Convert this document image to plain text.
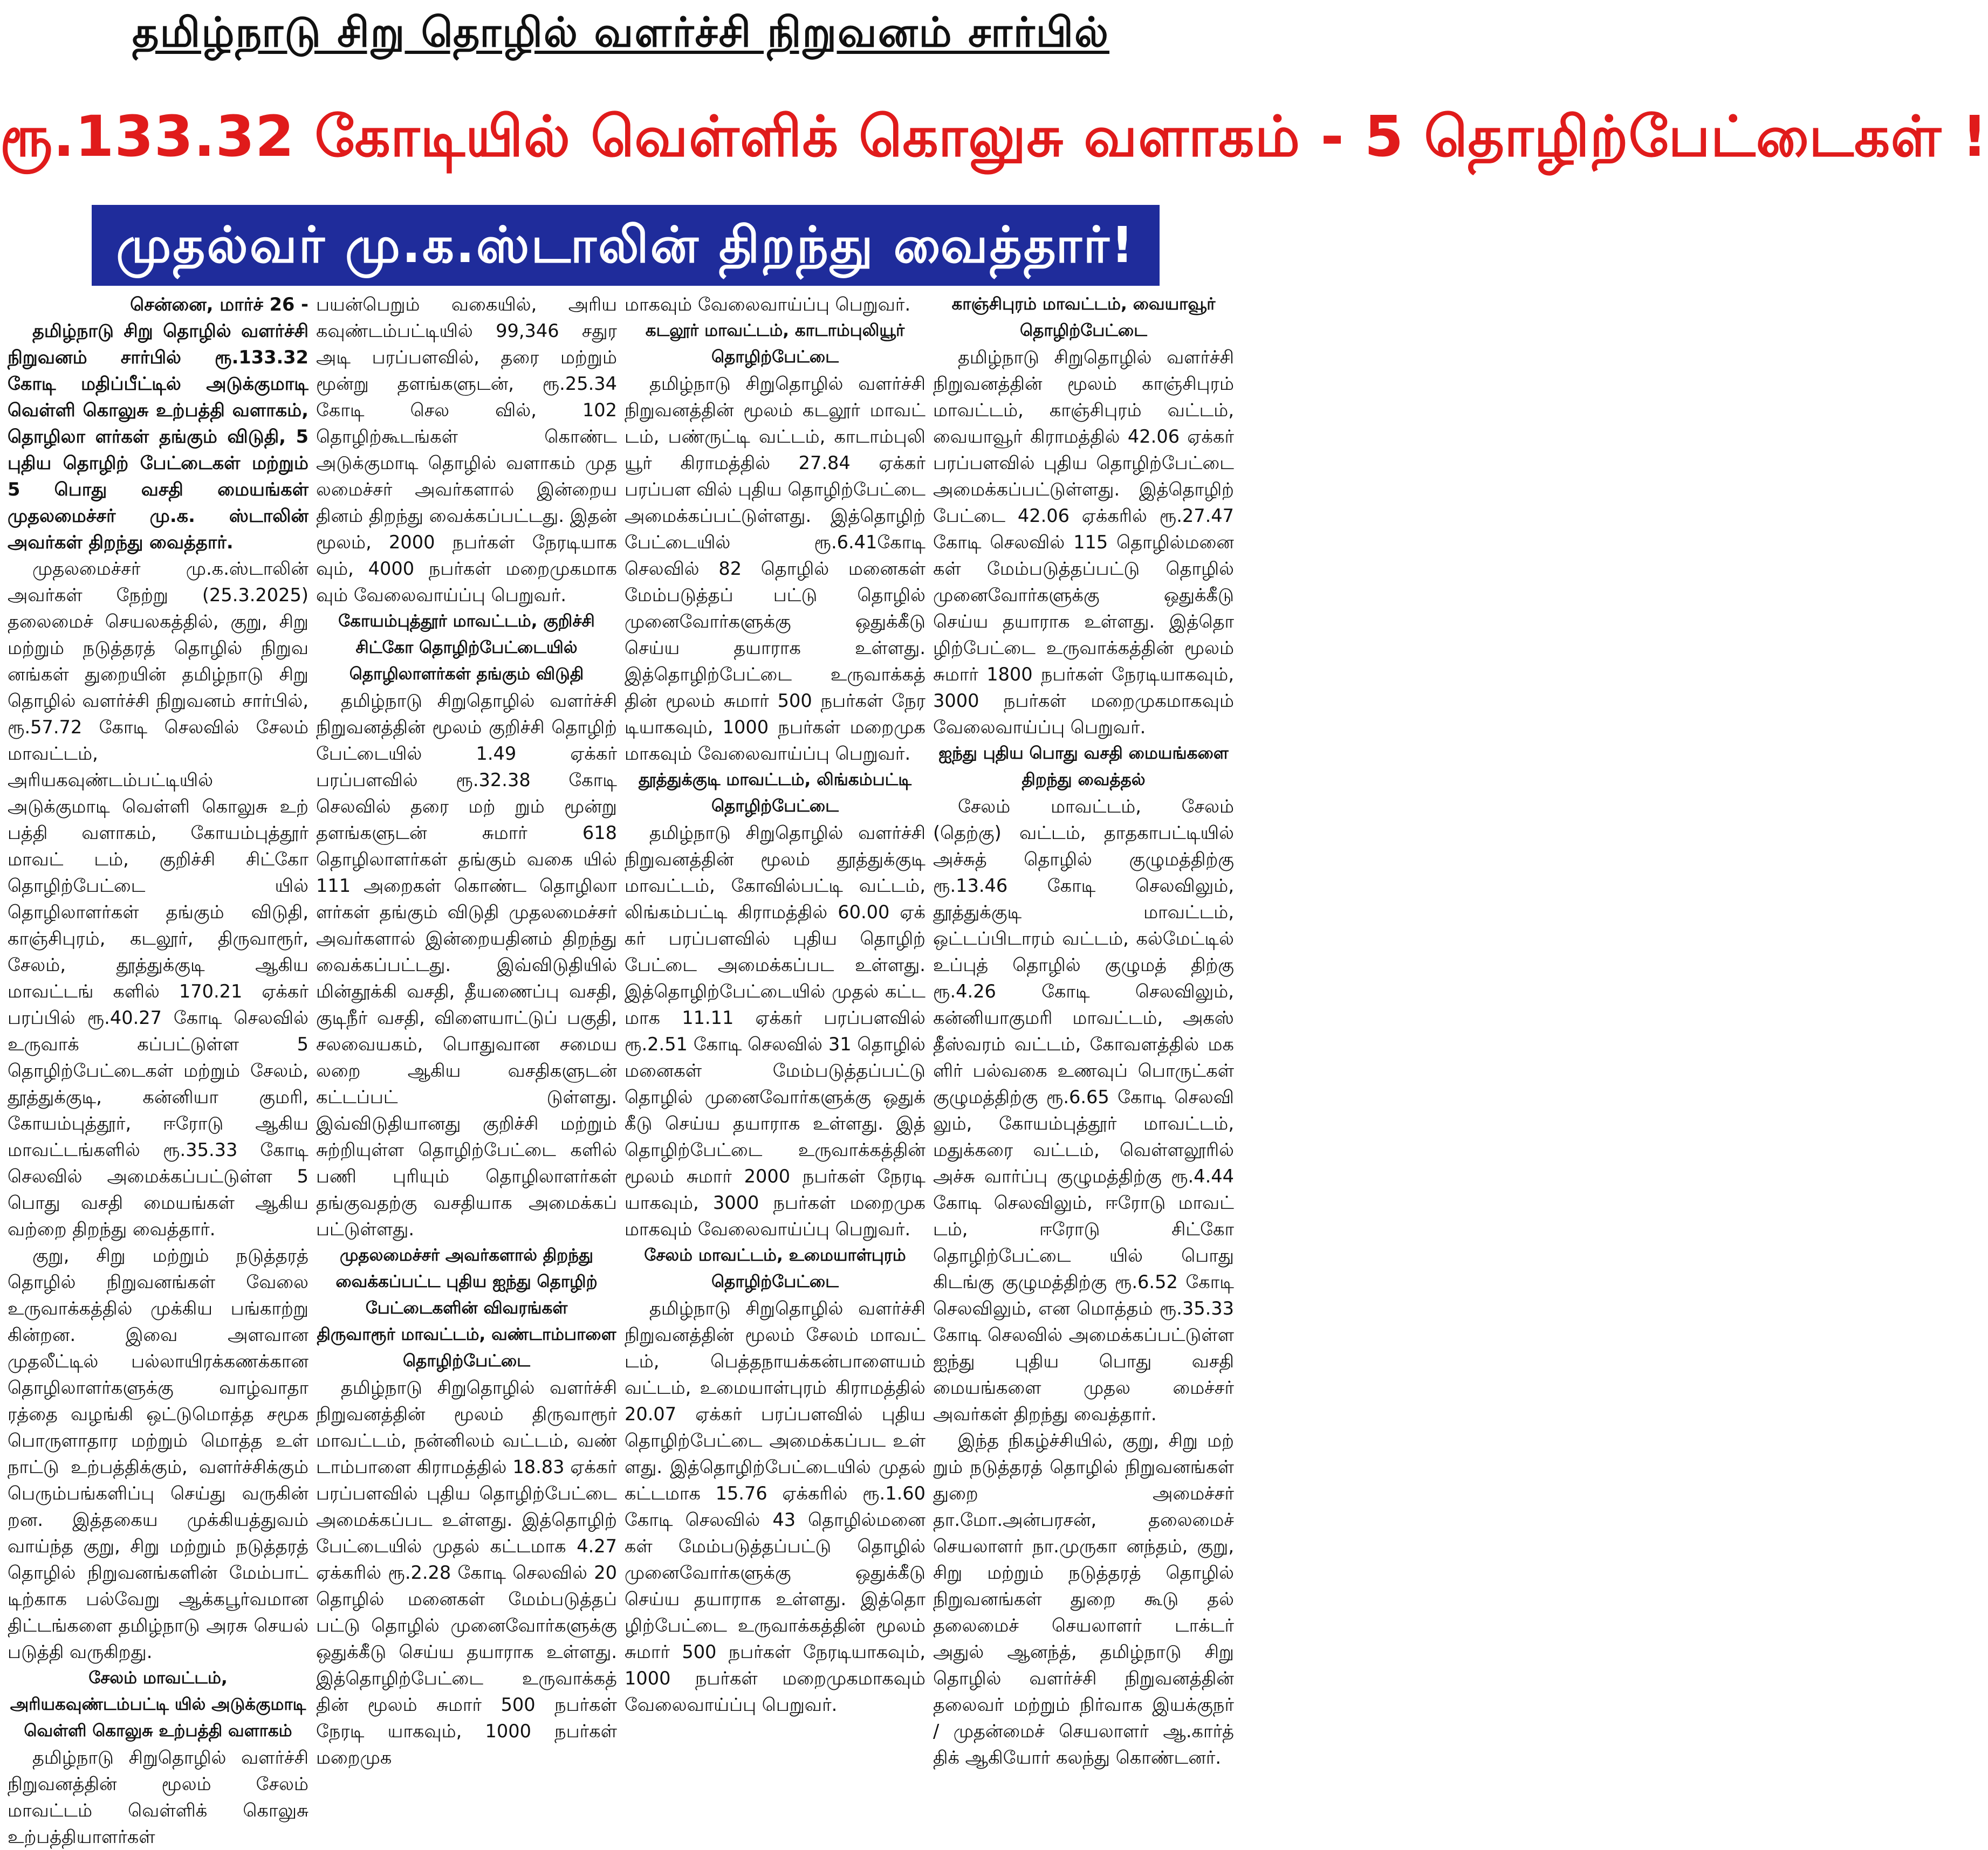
தமிழ்நாடு சிறு தொழில் வளர்ச்சி நிறுவனம் சார்பில்
ரூ.133.32 கோடியில் வெள்ளிக் கொலுசு வளாகம் - 5 தொழிற்பேட்டைகள் !
முதல்வர் மு.க.ஸ்டாலின் திறந்து வைத்தார்!

சென்னை, மார்ச் 26 -

தமிழ்நாடு சிறு தொழில் வளர்ச்சி நிறுவனம் சார்பில் ரூ.133.32 கோடி மதிப்பீட்டில் அடுக்குமாடி வெள்ளி கொலுசு உற்பத்தி வளாகம், தொழிலா ளர்கள் தங்கும் விடுதி, 5 புதிய தொழிற் பேட்டைகள் மற்றும் 5 பொது வசதி மையங்கள் முதலமைச்சர் மு.க. ஸ்டாலின் அவர்கள் திறந்து வைத்தார்.

முதலமைச்சர் மு.க.ஸ்டாலின் அவர்கள் நேற்று (25.3.2025) தலைமைச் செயலகத்தில், குறு, சிறு மற்றும் நடுத்தரத் தொழில் நிறுவ னங்கள் துறையின் தமிழ்நாடு சிறு தொழில் வளர்ச்சி நிறுவனம் சார்பில், ரூ.57.72 கோடி செலவில் சேலம் மாவட்டம், அரியகவுண்டம்பட்டியில் அடுக்குமாடி வெள்ளி கொலுசு உற் பத்தி வளாகம், கோயம்புத்தூர் மாவட் டம், குறிச்சி சிட்கோ தொழிற்பேட்டை யில் தொழிலாளர்கள் தங்கும் விடுதி, காஞ்சிபுரம், கடலூர், திருவாரூர், சேலம், தூத்துக்குடி ஆகிய மாவட்டங் களில் 170.21 ஏக்கர் பரப்பில் ரூ.40.27 கோடி செலவில் உருவாக் கப்பட்டுள்ள 5 தொழிற்பேட்டைகள் மற்றும் சேலம், தூத்துக்குடி, கன்னியா குமரி, கோயம்புத்தூர், ஈரோடு ஆகிய மாவட்டங்களில் ரூ.35.33 கோடி செலவில் அமைக்கப்பட்டுள்ள 5 பொது வசதி மையங்கள் ஆகிய வற்றை திறந்து வைத்தார்.

குறு, சிறு மற்றும் நடுத்தரத் தொழில் நிறுவனங்கள் வேலை உருவாக்கத்தில் முக்கிய பங்காற்று கின்றன. இவை அளவான முதலீட்டில் பல்லாயிரக்கணக்கான தொழிலாளர்களுக்கு வாழ்வாதா ரத்தை வழங்கி ஒட்டுமொத்த சமூக பொருளாதார மற்றும் மொத்த உள் நாட்டு உற்பத்திக்கும், வளர்ச்சிக்கும் பெரும்பங்களிப்பு செய்து வருகின் றன. இத்தகைய முக்கியத்துவம் வாய்ந்த குறு, சிறு மற்றும் நடுத்தரத் தொழில் நிறுவனங்களின் மேம்பாட் டிற்காக பல்வேறு ஆக்கபூர்வமான திட்டங்களை தமிழ்நாடு அரசு செயல் படுத்தி வருகிறது.

சேலம் மாவட்டம், அரியகவுண்டம்பட்டி யில் அடுக்குமாடி வெள்ளி கொலுசு உற்பத்தி வளாகம்

தமிழ்நாடு சிறுதொழில் வளர்ச்சி நிறுவனத்தின் மூலம் சேலம் மாவட்டம் வெள்ளிக் கொலுசு உற்பத்தியாளர்கள்

பயன்பெறும் வகையில், அரிய கவுண்டம்பட்டியில் 99,346 சதுர அடி பரப்பளவில், தரை மற்றும் மூன்று தளங்களுடன், ரூ.25.34 கோடி செல வில், 102 தொழிற்கூடங்கள் கொண்ட அடுக்குமாடி தொழில் வளாகம் முத லமைச்சர் அவர்களால் இன்றைய தினம் திறந்து வைக்கப்பட்டது. இதன் மூலம், 2000 நபர்கள் நேரடியாக வும், 4000 நபர்கள் மறைமுகமாக வும் வேலைவாய்ப்பு பெறுவர்.

கோயம்புத்தூர் மாவட்டம், குறிச்சி சிட்கோ தொழிற்பேட்டையில் தொழிலாளர்கள் தங்கும் விடுதி

தமிழ்நாடு சிறுதொழில் வளர்ச்சி நிறுவனத்தின் மூலம் குறிச்சி தொழிற் பேட்டையில் 1.49 ஏக்கர் பரப்பளவில் ரூ.32.38 கோடி செலவில் தரை மற் றும் மூன்று தளங்களுடன் சுமார் 618 தொழிலாளர்கள் தங்கும் வகை யில் 111 அறைகள் கொண்ட தொழிலா ளர்கள் தங்கும் விடுதி முதலமைச்சர் அவர்களால் இன்றையதினம் திறந்து வைக்கப்பட்டது. இவ்விடுதியில் மின்தூக்கி வசதி, தீயணைப்பு வசதி, குடிநீர் வசதி, விளையாட்டுப் பகுதி, சலவையகம், பொதுவான சமைய லறை ஆகிய வசதிகளுடன் கட்டப்பட் டுள்ளது. இவ்விடுதியானது குறிச்சி மற்றும் சுற்றியுள்ள தொழிற்பேட்டை களில் பணி புரியும் தொழிலாளர்கள் தங்குவதற்கு வசதியாக அமைக்கப் பட்டுள்ளது.

முதலமைச்சர் அவர்களால் திறந்து வைக்கப்பட்ட புதிய ஐந்து தொழிற் பேட்டைகளின் விவரங்கள்
திருவாரூர் மாவட்டம், வண்டாம்பாளை தொழிற்பேட்டை

தமிழ்நாடு சிறுதொழில் வளர்ச்சி நிறுவனத்தின் மூலம் திருவாரூர் மாவட்டம், நன்னிலம் வட்டம், வண் டாம்பாளை கிராமத்தில் 18.83 ஏக்கர் பரப்பளவில் புதிய தொழிற்பேட்டை அமைக்கப்பட உள்ளது. இத்தொழிற் பேட்டையில் முதல் கட்டமாக 4.27 ஏக்கரில் ரூ.2.28 கோடி செலவில் 20 தொழில் மனைகள் மேம்படுத்தப் பட்டு தொழில் முனைவோர்களுக்கு ஒதுக்கீடு செய்ய தயாராக உள்ளது. இத்தொழிற்பேட்டை உருவாக்கத் தின் மூலம் சுமார் 500 நபர்கள் நேரடி யாகவும், 1000 நபர்கள் மறைமுக

மாகவும் வேலைவாய்ப்பு பெறுவர்.

கடலூர் மாவட்டம், காடாம்புலியூர் தொழிற்பேட்டை

தமிழ்நாடு சிறுதொழில் வளர்ச்சி நிறுவனத்தின் மூலம் கடலூர் மாவட் டம், பண்ருட்டி வட்டம், காடாம்புலி யூர் கிராமத்தில் 27.84 ஏக்கர் பரப்பள வில் புதிய தொழிற்பேட்டை அமைக்கப்பட்டுள்ளது. இத்தொழிற் பேட்டையில் ரூ.6.41கோடி செலவில் 82 தொழில் மனைகள் மேம்படுத்தப் பட்டு தொழில் முனைவோர்களுக்கு ஒதுக்கீடு செய்ய தயாராக உள்ளது. இத்தொழிற்பேட்டை உருவாக்கத் தின் மூலம் சுமார் 500 நபர்கள் நேர டியாகவும், 1000 நபர்கள் மறைமுக மாகவும் வேலைவாய்ப்பு பெறுவர்.

தூத்துக்குடி மாவட்டம், லிங்கம்பட்டி தொழிற்பேட்டை

தமிழ்நாடு சிறுதொழில் வளர்ச்சி நிறுவனத்தின் மூலம் தூத்துக்குடி மாவட்டம், கோவில்பட்டி வட்டம், லிங்கம்பட்டி கிராமத்தில் 60.00 ஏக் கர் பரப்பளவில் புதிய தொழிற் பேட்டை அமைக்கப்பட உள்ளது. இத்தொழிற்பேட்டையில் முதல் கட்ட மாக 11.11 ஏக்கர் பரப்பளவில் ரூ.2.51 கோடி செலவில் 31 தொழில் மனைகள் மேம்படுத்தப்பட்டு தொழில் முனைவோர்களுக்கு ஒதுக் கீடு செய்ய தயாராக உள்ளது. இத் தொழிற்பேட்டை உருவாக்கத்தின் மூலம் சுமார் 2000 நபர்கள் நேரடி யாகவும், 3000 நபர்கள் மறைமுக மாகவும் வேலைவாய்ப்பு பெறுவர்.

சேலம் மாவட்டம், உமையாள்புரம் தொழிற்பேட்டை

தமிழ்நாடு சிறுதொழில் வளர்ச்சி நிறுவனத்தின் மூலம் சேலம் மாவட் டம், பெத்தநாயக்கன்பாளையம் வட்டம், உமையாள்புரம் கிராமத்தில் 20.07 ஏக்கர் பரப்பளவில் புதிய தொழிற்பேட்டை அமைக்கப்பட உள் ளது. இத்தொழிற்பேட்டையில் முதல் கட்டமாக 15.76 ஏக்கரில் ரூ.1.60 கோடி செலவில் 43 தொழில்மனை கள் மேம்படுத்தப்பட்டு தொழில் முனைவோர்களுக்கு ஒதுக்கீடு செய்ய தயாராக உள்ளது. இத்தொ ழிற்பேட்டை உருவாக்கத்தின் மூலம் சுமார் 500 நபர்கள் நேரடியாகவும், 1000 நபர்கள் மறைமுகமாகவும் வேலைவாய்ப்பு பெறுவர்.

காஞ்சிபுரம் மாவட்டம், வையாவூர் தொழிற்பேட்டை

தமிழ்நாடு சிறுதொழில் வளர்ச்சி நிறுவனத்தின் மூலம் காஞ்சிபுரம் மாவட்டம், காஞ்சிபுரம் வட்டம், வையாவூர் கிராமத்தில் 42.06 ஏக்கர் பரப்பளவில் புதிய தொழிற்பேட்டை அமைக்கப்பட்டுள்ளது. இத்தொழிற் பேட்டை 42.06 ஏக்கரில் ரூ.27.47 கோடி செலவில் 115 தொழில்மனை கள் மேம்படுத்தப்பட்டு தொழில் முனைவோர்களுக்கு ஒதுக்கீடு செய்ய தயாராக உள்ளது. இத்தொ ழிற்பேட்டை உருவாக்கத்தின் மூலம் சுமார் 1800 நபர்கள் நேரடியாகவும், 3000 நபர்கள் மறைமுகமாகவும் வேலைவாய்ப்பு பெறுவர்.

ஐந்து புதிய பொது வசதி மையங்களை திறந்து வைத்தல்

சேலம் மாவட்டம், சேலம் (தெற்கு) வட்டம், தாதகாபட்டியில் அச்சுத் தொழில் குழுமத்திற்கு ரூ.13.46 கோடி செலவிலும், தூத்துக்குடி மாவட்டம், ஒட்டப்பிடாரம் வட்டம், கல்மேட்டில் உப்புத் தொழில் குழுமத் திற்கு ரூ.4.26 கோடி செலவிலும், கன்னியாகுமரி மாவட்டம், அகஸ் தீஸ்வரம் வட்டம், கோவளத்தில் மக ளிர் பல்வகை உணவுப் பொருட்கள் குழுமத்திற்கு ரூ.6.65 கோடி செலவி லும், கோயம்புத்தூர் மாவட்டம், மதுக்கரை வட்டம், வெள்ளலூரில் அச்சு வார்ப்பு குழுமத்திற்கு ரூ.4.44 கோடி செலவிலும், ஈரோடு மாவட் டம், ஈரோடு சிட்கோ தொழிற்பேட்டை யில் பொது கிடங்கு குழுமத்திற்கு ரூ.6.52 கோடி செலவிலும், என மொத்தம் ரூ.35.33 கோடி செலவில் அமைக்கப்பட்டுள்ள ஐந்து புதிய பொது வசதி மையங்களை முதல மைச்சர் அவர்கள் திறந்து வைத்தார்.

இந்த நிகழ்ச்சியில், குறு, சிறு மற் றும் நடுத்தரத் தொழில் நிறுவனங்கள் துறை அமைச்சர் தா.மோ.அன்பரசன், தலைமைச் செயலாளர் நா.முருகா னந்தம், குறு, சிறு மற்றும் நடுத்தரத் தொழில் நிறுவனங்கள் துறை கூடு தல் தலைமைச் செயலாளர் டாக்டர் அதுல் ஆனந்த், தமிழ்நாடு சிறு தொழில் வளர்ச்சி நிறுவனத்தின் தலைவர் மற்றும் நிர்வாக இயக்குநர் / முதன்மைச் செயலாளர் ஆ.கார்த் திக் ஆகியோர் கலந்து கொண்டனர்.
